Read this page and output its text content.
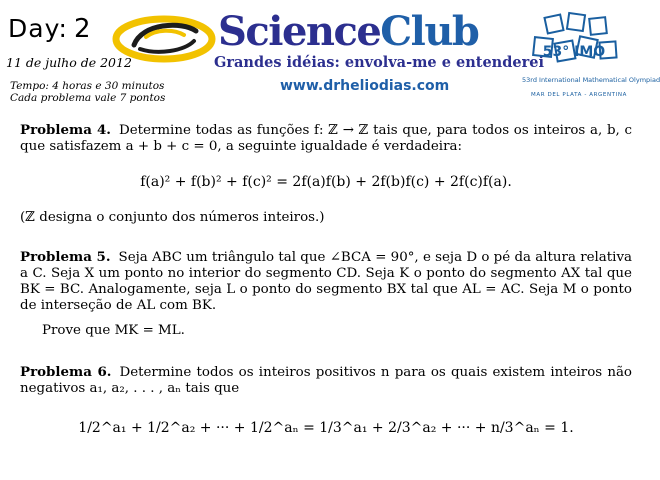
Day: 2
11 de julho de 2012
Tempo: 4 horas e 30 minutos
Cada problema vale 7 pontos
ScienceClub
Grandes idéias: envolva-me e entenderei
www.drheliodias.com
53° IMO
53rd International Mathematical Olympiad
MAR DEL PLATA - ARGENTINA
Problema 4. Determine todas as funções f: ℤ → ℤ tais que, para todos os inteiros a, b, c que satisfazem a + b + c = 0, a seguinte igualdade é verdadeira:
f(a)² + f(b)² + f(c)² = 2f(a)f(b) + 2f(b)f(c) + 2f(c)f(a).
(ℤ designa o conjunto dos números inteiros.)
Problema 5. Seja ABC um triângulo tal que ∠BCA = 90°, e seja D o pé da altura relativa a C. Seja X um ponto no interior do segmento CD. Seja K o ponto do segmento AX tal que BK = BC. Analogamente, seja L o ponto do segmento BX tal que AL = AC. Seja M o ponto de interseção de AL com BK.
Prove que MK = ML.
Problema 6. Determine todos os inteiros positivos n para os quais existem inteiros não negativos a₁, a₂, . . . , aₙ tais que
1/2^a₁ + 1/2^a₂ + ··· + 1/2^aₙ = 1/3^a₁ + 2/3^a₂ + ··· + n/3^aₙ = 1.
